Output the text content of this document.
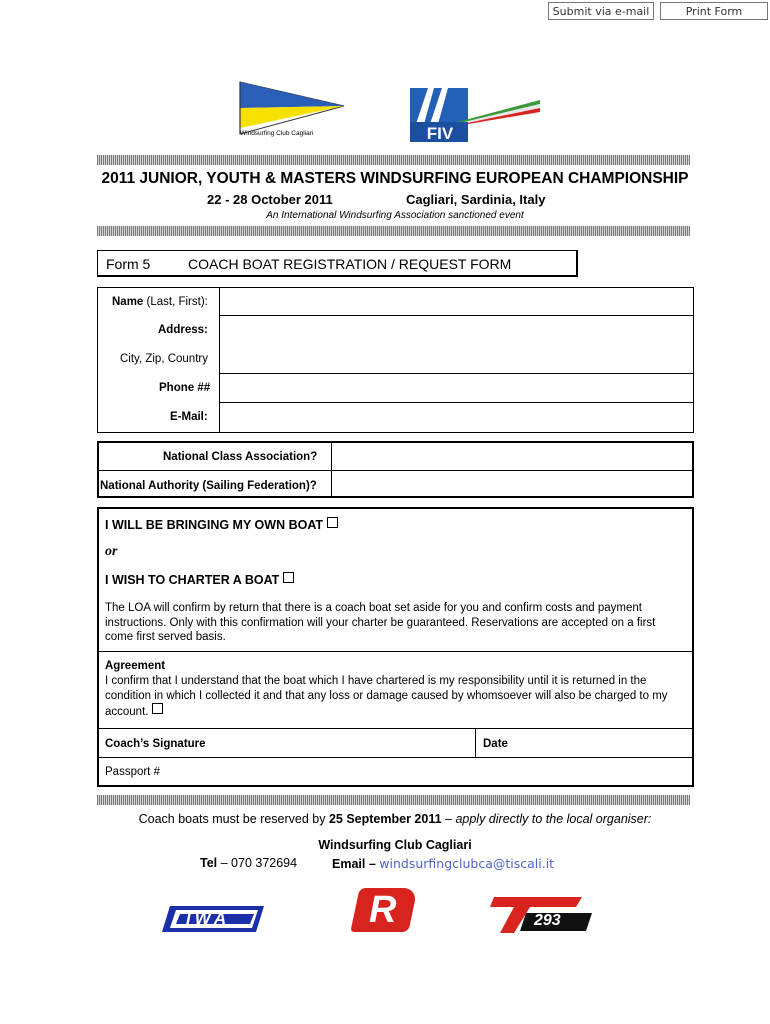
Submit via e-mail	Print Form
Windsurfing Club Cagliari	FIV
2011 JUNIOR, YOUTH & MASTERS WINDSURFING EUROPEAN CHAMPIONSHIP
22 - 28 October 2011	Cagliari, Sardinia, Italy
An International Windsurfing Association sanctioned event
Form 5	COACH BOAT REGISTRATION / REQUEST FORM
Name (Last, First):
Address:
City, Zip, Country
Phone ##
E-Mail:
National Class Association?
National Authority (Sailing Federation)?
I WILL BE BRINGING MY OWN BOAT
or
I WISH TO CHARTER A BOAT
The LOA will confirm by return that there is a coach boat set aside for you and confirm costs and payment instructions. Only with this confirmation will your charter be guaranteed. Reservations are accepted on a first come first served basis.
Agreement
I confirm that I understand that the boat which I have chartered is my responsibility until it is returned in the condition in which I collected it and that any loss or damage caused by whomsoever will also be charged to my account.
Coach’s Signature	Date
Passport #
Coach boats must be reserved by 25 September 2011 – apply directly to the local organiser:
Windsurfing Club Cagliari
Tel – 070 372694	Email – windsurfingclubca@tiscali.it
IWA	R	293
